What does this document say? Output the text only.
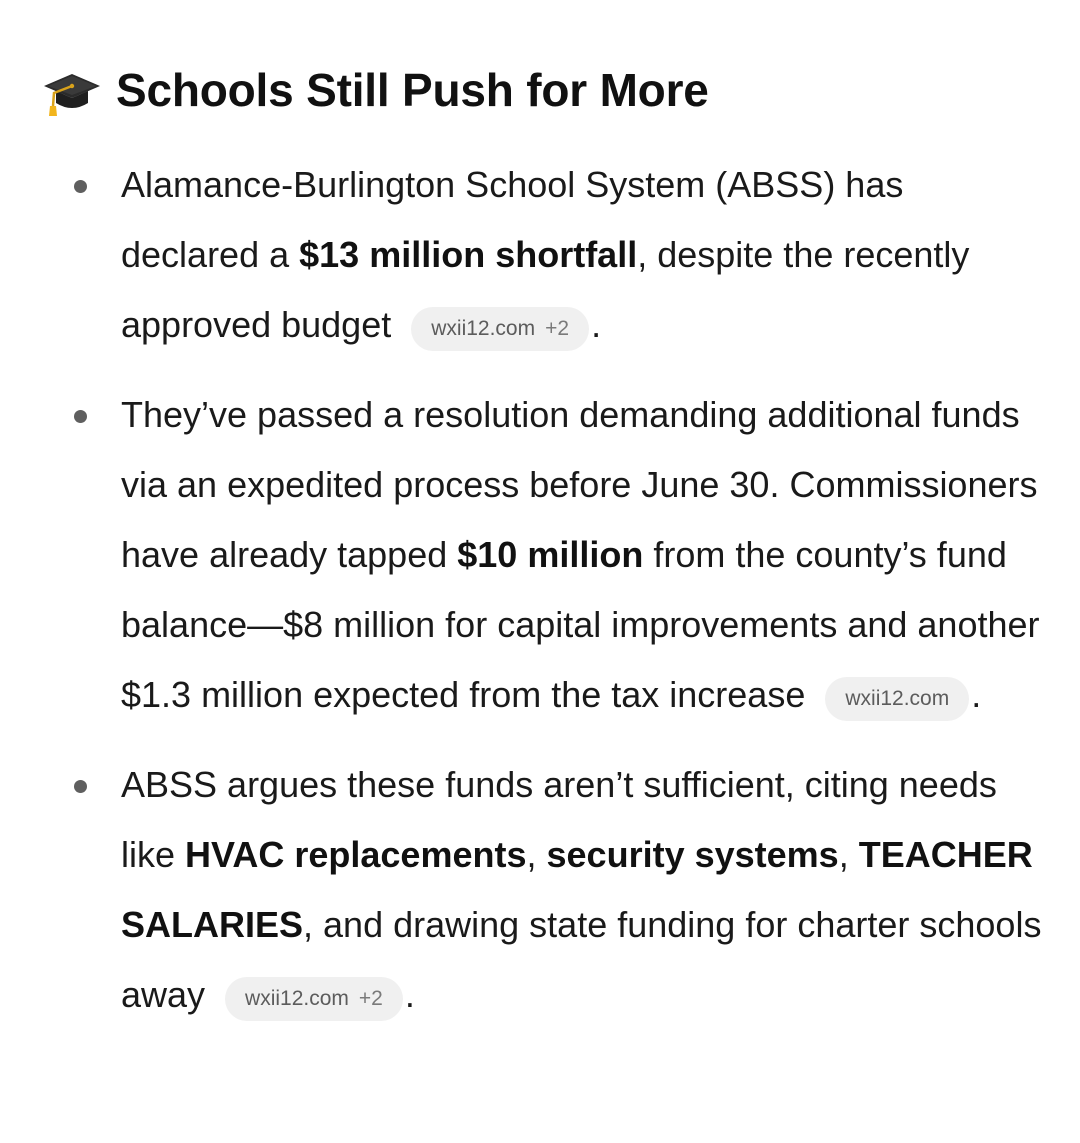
Schools Still Push for More
Alamance-Burlington School System (ABSS) has declared a $13 million shortfall, despite the recently approved budget wxii12.com +2 .
They’ve passed a resolution demanding additional funds via an expedited process before June 30. Commissioners have already tapped $10 million from the county’s fund balance—$8 million for capital improvements and another $1.3 million expected from the tax increase wxii12.com .
ABSS argues these funds aren’t sufficient, citing needs like HVAC replacements, security systems, TEACHER SALARIES, and drawing state funding for charter schools away wxii12.com +2 .
